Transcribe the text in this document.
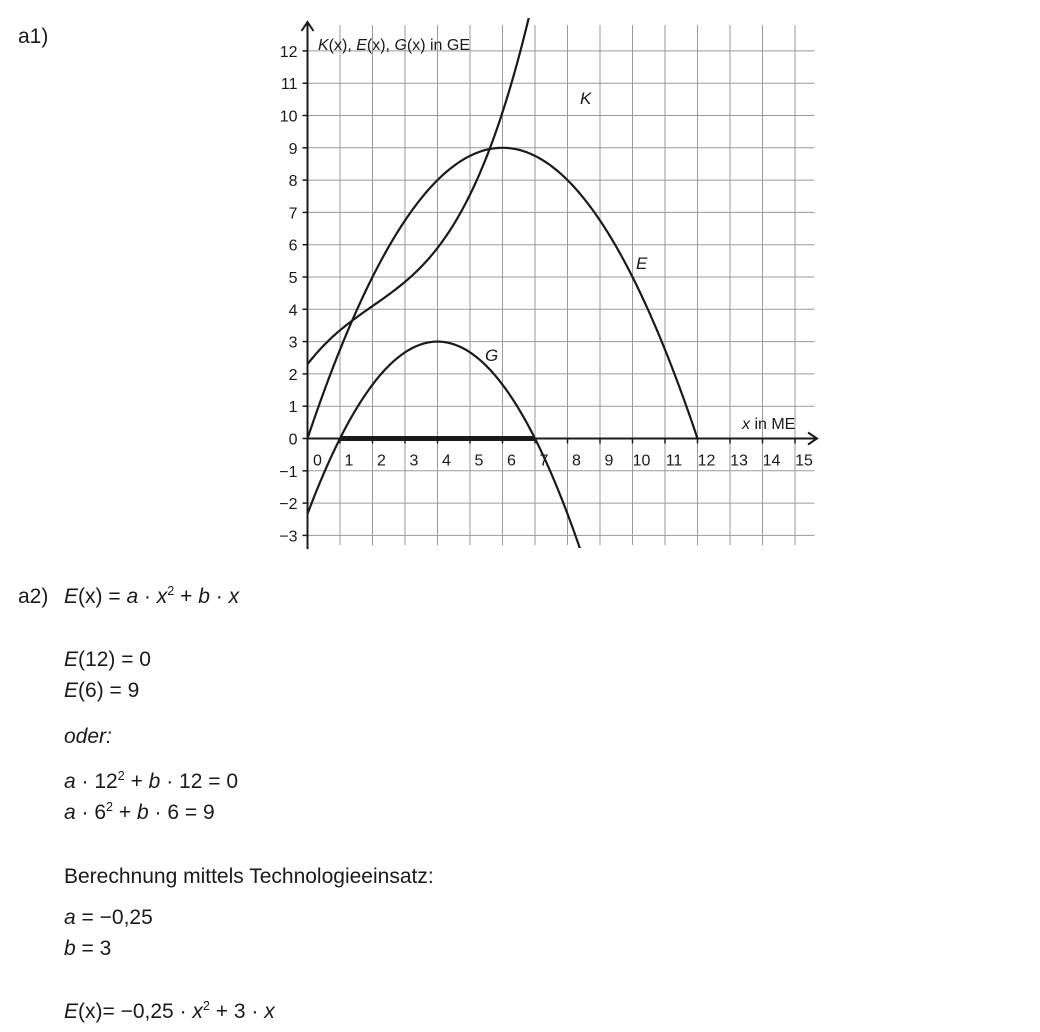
a1)
12
11
10
9
8
7
6
5
4
3
2
1
0
−1
−2
−3
0 1 2 3 4 5 6 7 8 9 10 11 12 13 14 15
K
E
G
K(x), E(x), G(x) in GE
x in ME
a2) $E(x) = a \cdot x^2 + b \cdot x$
E(12) = 0
E(6) = 9
oder:
$a \cdot 12^2 + b \cdot 12 = 0$
$a \cdot 6^2 + b \cdot 6 = 9$
Berechnung mittels Technologieeinsatz:
a = −0,25
b = 3
$E(x)= -0,25 \cdot x^2 + 3 \cdot x$
